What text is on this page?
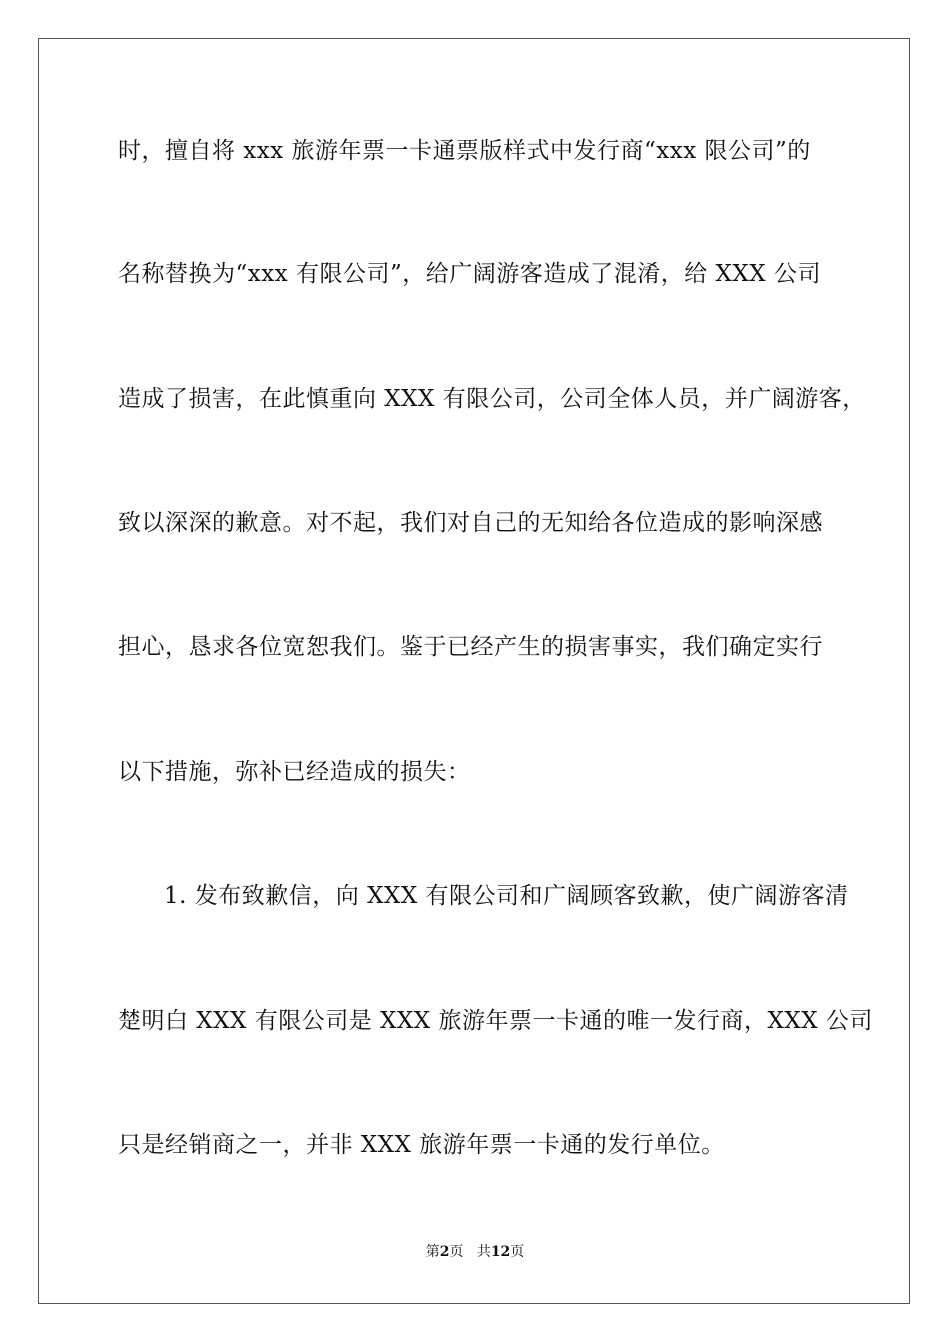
时，擅自将 xxx 旅游年票一卡通票版样式中发行商“xxx 限公司”的
名称替换为“xxx 有限公司”，给广阔游客造成了混淆，给 XXX 公司
造成了损害，在此慎重向 XXX 有限公司，公司全体人员，并广阔游客，
致以深深的歉意。对不起，我们对自己的无知给各位造成的影响深感
担心，恳求各位宽恕我们。鉴于已经产生的损害事实，我们确定实行
以下措施，弥补已经造成的损失：
1. 发布致歉信，向 XXX 有限公司和广阔顾客致歉，使广阔游客清
楚明白 XXX 有限公司是 XXX 旅游年票一卡通的唯一发行商，XXX 公司
只是经销商之一，并非 XXX 旅游年票一卡通的发行单位。
第2页 共12页
